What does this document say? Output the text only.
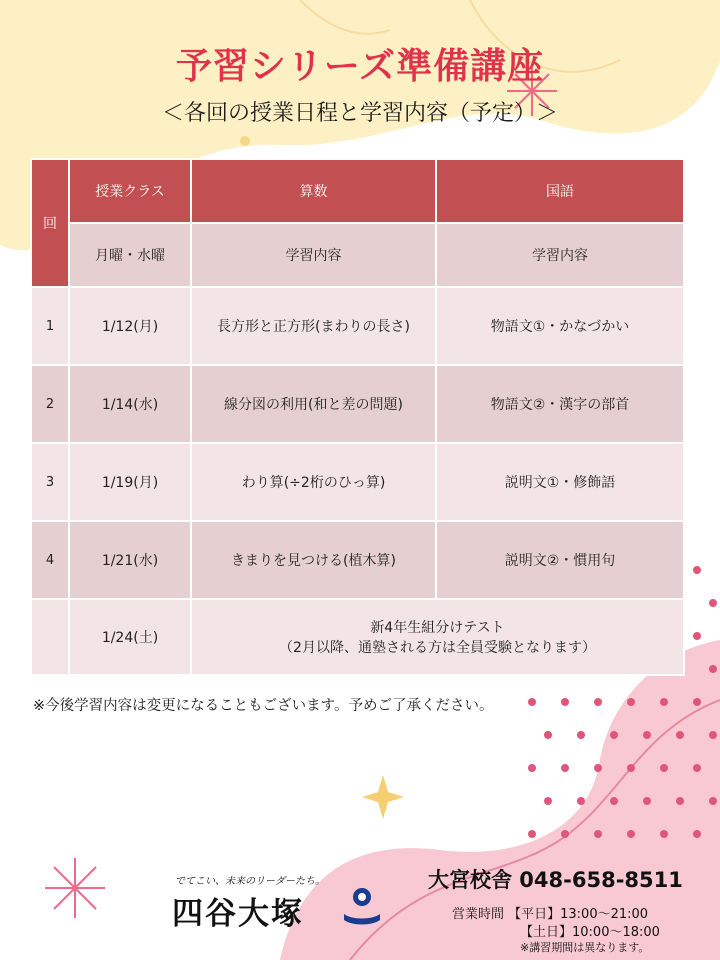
予習シリーズ準備講座
＜各回の授業日程と学習内容（予定）＞
回	授業クラス	算数	国語
	月曜・水曜	学習内容	学習内容
1	1/12(月)	長方形と正方形(まわりの長さ)	物語文①・かなづかい
2	1/14(水)	線分図の利用(和と差の問題)	物語文②・漢字の部首
3	1/19(月)	わり算(÷2桁のひっ算)	説明文①・修飾語
4	1/21(水)	きまりを見つける(植木算)	説明文②・慣用句
	1/24(土)	新4年生組分けテスト
（2月以降、通塾される方は全員受験となります）	
※今後学習内容は変更になることもございます。予めご了承ください。
でてこい、未来のリーダーたち。
四谷大塚
大宮校舎 048-658-8511
営業時間 【平日】13:00～21:00
【土日】10:00～18:00
※講習期間は異なります。
